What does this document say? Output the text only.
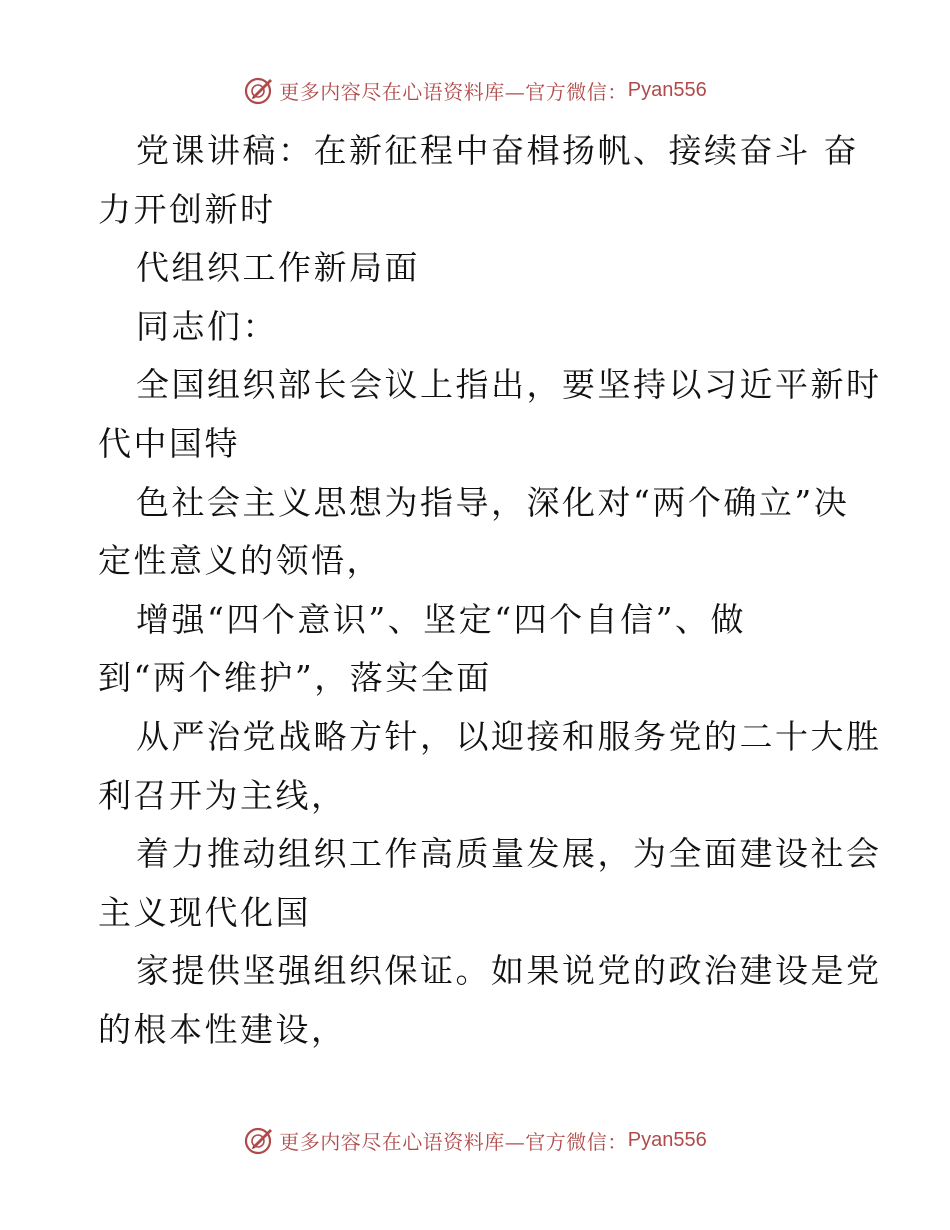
更多内容尽在心语资料库—官方微信： Pyan556
党课讲稿：在新征程中奋楫扬帆、接续奋斗 奋
力开创新时
代组织工作新局面
同志们：
全国组织部长会议上指出，要坚持以习近平新时
代中国特
色社会主义思想为指导，深化对“两个确立”决
定性意义的领悟，
增强“四个意识”、坚定“四个自信”、做
到“两个维护”，落实全面
从严治党战略方针，以迎接和服务党的二十大胜
利召开为主线，
着力推动组织工作高质量发展，为全面建设社会
主义现代化国
家提供坚强组织保证。如果说党的政治建设是党
的根本性建设，
更多内容尽在心语资料库—官方微信： Pyan556
